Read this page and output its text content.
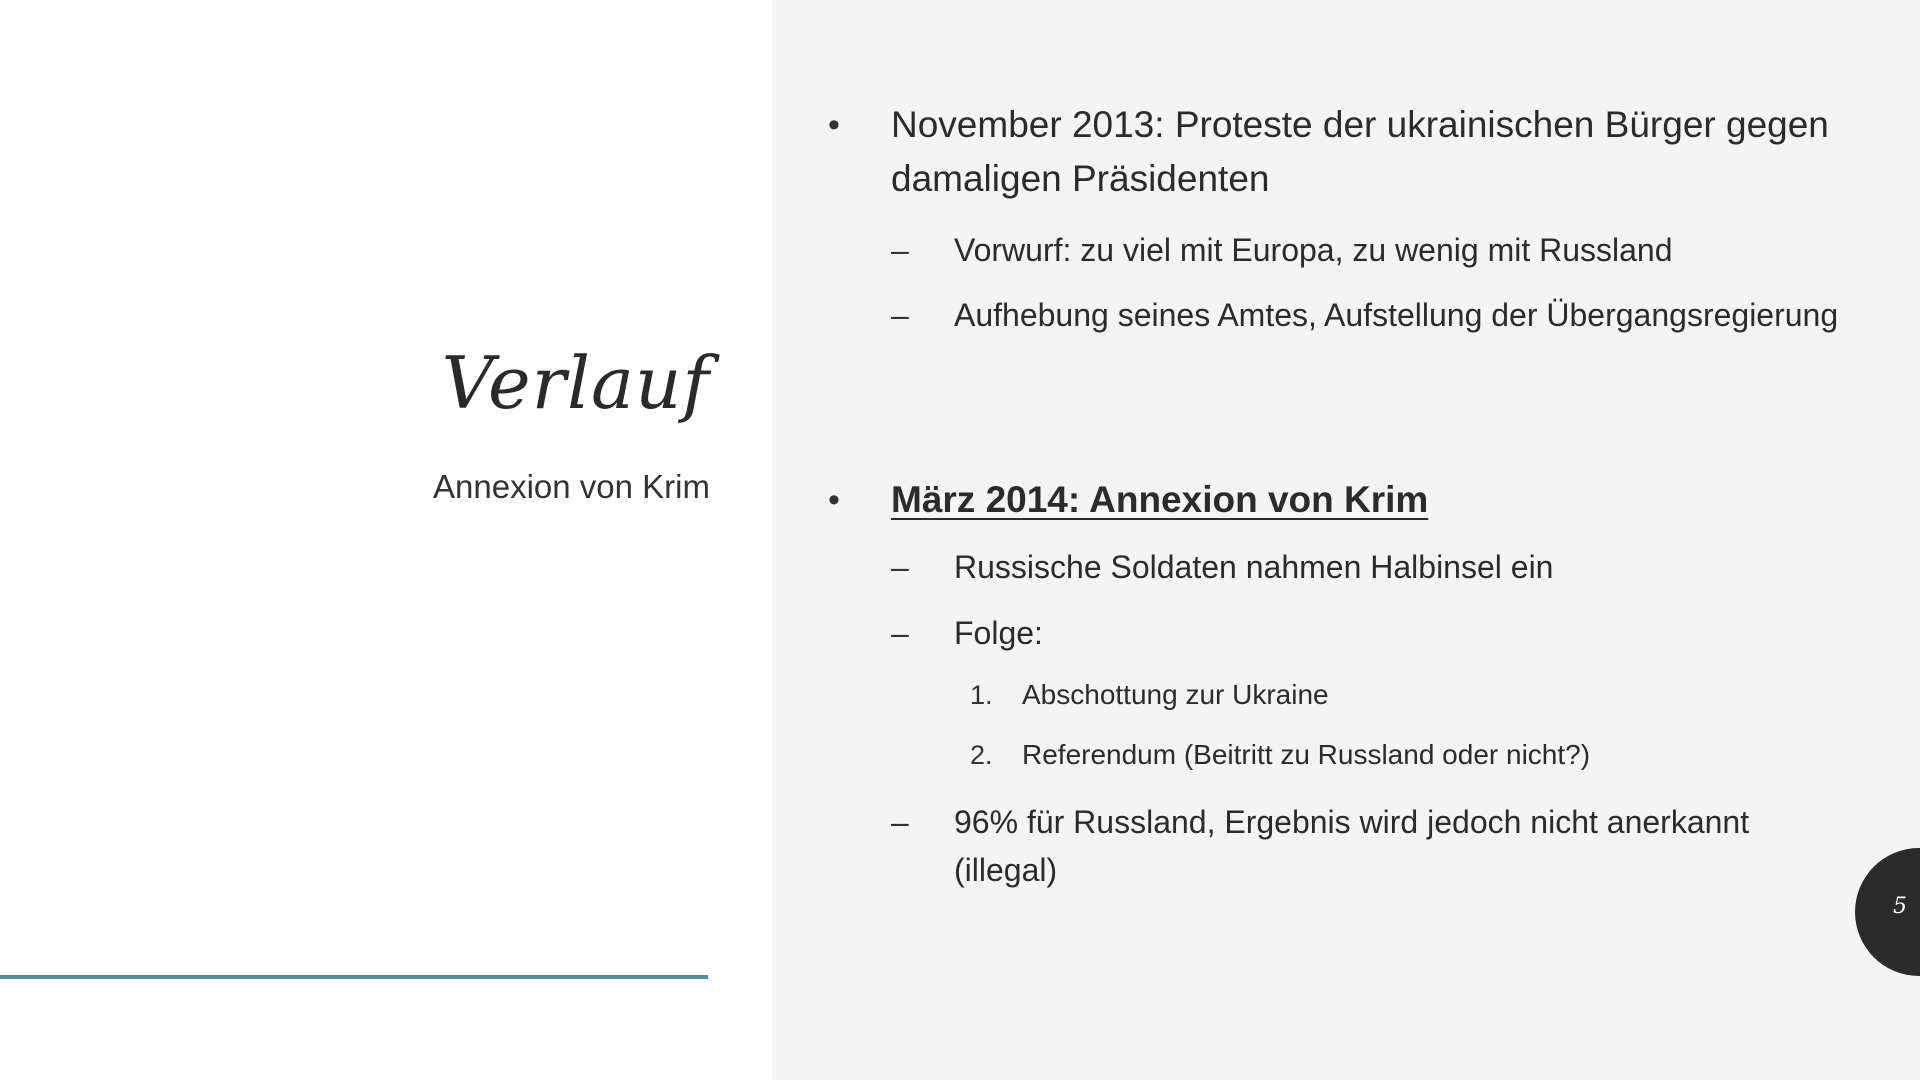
Verlauf

Annexion von Krim

• November 2013: Proteste der ukrainischen Bürger gegen damaligen Präsidenten
– Vorwurf: zu viel mit Europa, zu wenig mit Russland
– Aufhebung seines Amtes, Aufstellung der Übergangsregierung
• März 2014: Annexion von Krim
– Russische Soldaten nahmen Halbinsel ein
– Folge:
1. Abschottung zur Ukraine
2. Referendum (Beitritt zu Russland oder nicht?)
– 96% für Russland, Ergebnis wird jedoch nicht anerkannt (illegal)
5
